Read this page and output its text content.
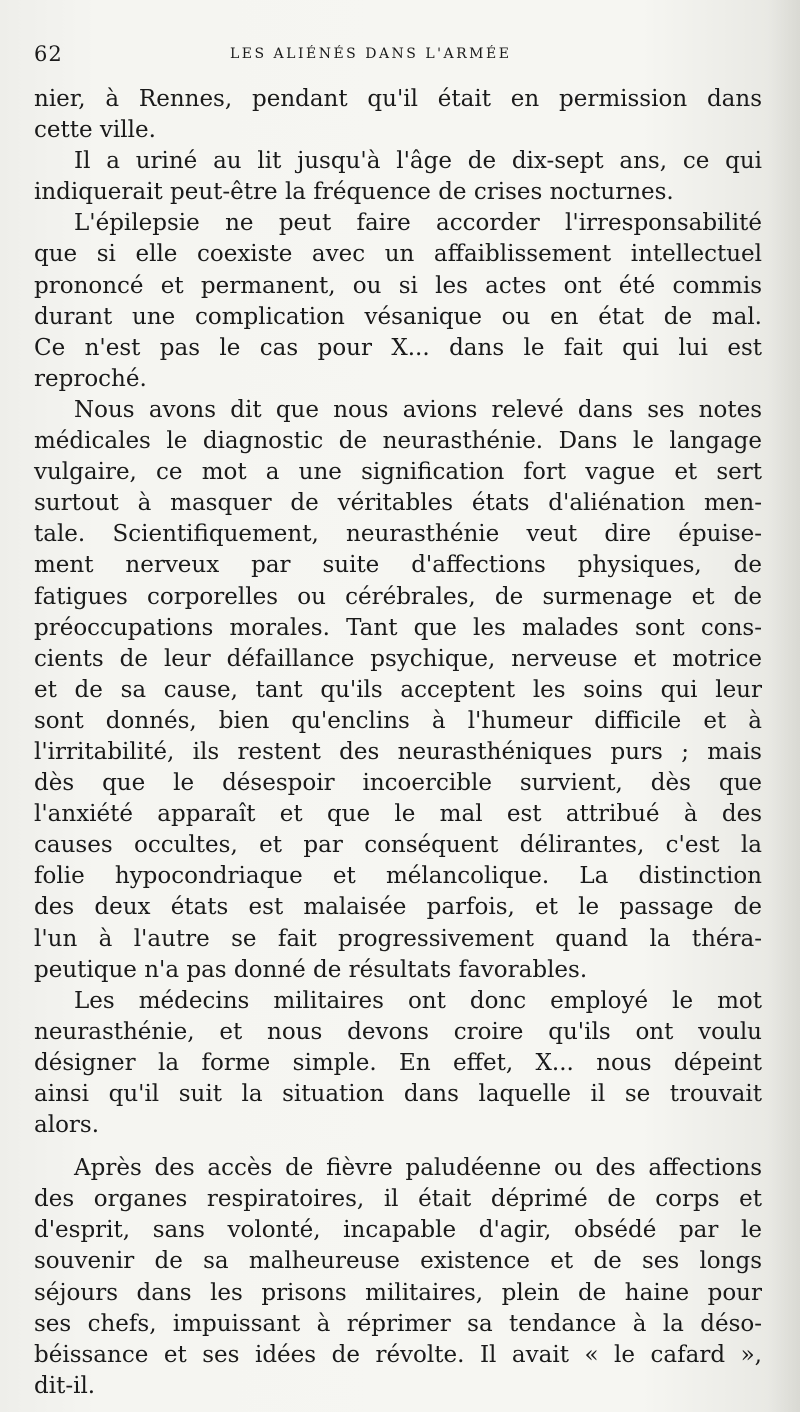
62	LES ALIÉNÉS DANS L'ARMÉE
nier, à Rennes, pendant qu'il était en permission dans
cette ville.
Il a uriné au lit jusqu'à l'âge de dix-sept ans, ce qui
indiquerait peut-être la fréquence de crises nocturnes.
L'épilepsie ne peut faire accorder l'irresponsabilité
que si elle coexiste avec un affaiblissement intellectuel
prononcé et permanent, ou si les actes ont été commis
durant une complication vésanique ou en état de mal.
Ce n'est pas le cas pour X... dans le fait qui lui est
reproché.
Nous avons dit que nous avions relevé dans ses notes
médicales le diagnostic de neurasthénie. Dans le langage
vulgaire, ce mot a une signification fort vague et sert
surtout à masquer de véritables états d'aliénation men-
tale. Scientifiquement, neurasthénie veut dire épuise-
ment nerveux par suite d'affections physiques, de
fatigues corporelles ou cérébrales, de surmenage et de
préoccupations morales. Tant que les malades sont cons-
cients de leur défaillance psychique, nerveuse et motrice
et de sa cause, tant qu'ils acceptent les soins qui leur
sont donnés, bien qu'enclins à l'humeur difficile et à
l'irritabilité, ils restent des neurasthéniques purs ; mais
dès que le désespoir incoercible survient, dès que
l'anxiété apparaît et que le mal est attribué à des
causes occultes, et par conséquent délirantes, c'est la
folie hypocondriaque et mélancolique. La distinction
des deux états est malaisée parfois, et le passage de
l'un à l'autre se fait progressivement quand la théra-
peutique n'a pas donné de résultats favorables.
Les médecins militaires ont donc employé le mot
neurasthénie, et nous devons croire qu'ils ont voulu
désigner la forme simple. En effet, X... nous dépeint
ainsi qu'il suit la situation dans laquelle il se trouvait
alors.
Après des accès de fièvre paludéenne ou des affections
des organes respiratoires, il était déprimé de corps et
d'esprit, sans volonté, incapable d'agir, obsédé par le
souvenir de sa malheureuse existence et de ses longs
séjours dans les prisons militaires, plein de haine pour
ses chefs, impuissant à réprimer sa tendance à la déso-
béissance et ses idées de révolte. Il avait « le cafard »,
dit-il.
